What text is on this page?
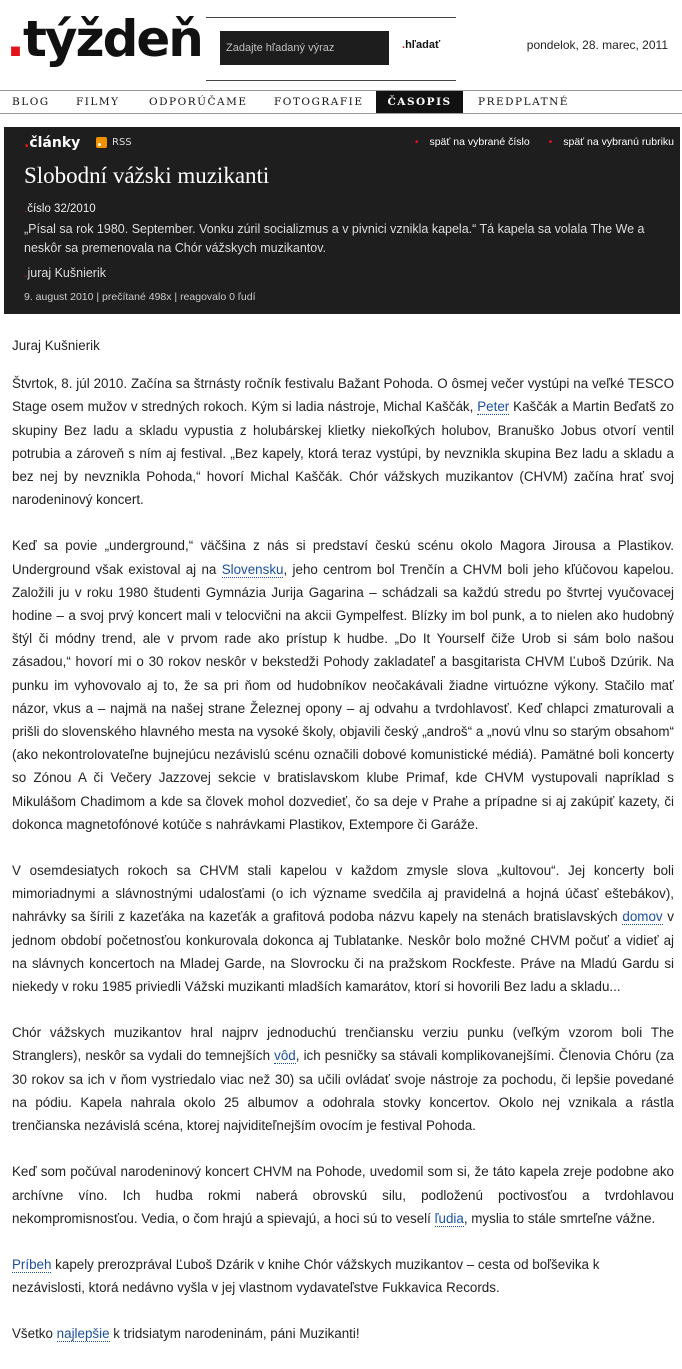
.týždeň
Zadajte hľadaný výraz	.hľadať	pondelok, 28. marec, 2011
BLOG	FILMY	ODPORÚČAME	FOTOGRAFIE	ČASOPIS	PREDPLATNÉ
.články	RSS	• späť na vybrané číslo • späť na vybranú rubriku
Slobodní vážski muzikanti
.číslo 32/2010
„Písal sa rok 1980. September. Vonku zúril socializmus a v pivnici vznikla kapela.“ Tá kapela sa volala The We a neskôr sa premenovala na Chór vážskych muzikantov.
.juraj Kušnierik
9. august 2010 | prečítané 498x | reagovalo 0 ľudí

Juraj Kušnierik

Štvrtok, 8. júl 2010. Začína sa štrnásty ročník festivalu Bažant Pohoda. O ôsmej večer vystúpi na veľké TESCO Stage osem mužov v stredných rokoch. Kým si ladia nástroje, Michal Kaščák, Peter Kaščák a Martin Beďatš zo skupiny Bez ladu a skladu vypustia z holubárskej klietky niekoľkých holubov, Branuško Jobus otvorí ventil potrubia a zároveň s ním aj festival. „Bez kapely, ktorá teraz vystúpi, by nevznikla skupina Bez ladu a skladu a bez nej by nevznikla Pohoda,“ hovorí Michal Kaščák. Chór vážskych muzikantov (CHVM) začína hrať svoj narodeninový koncert.

Keď sa povie „underground,“ väčšina z nás si predstaví českú scénu okolo Magora Jirousa a Plastikov. Underground však existoval aj na Slovensku, jeho centrom bol Trenčín a CHVM boli jeho kľúčovou kapelou. Založili ju v roku 1980 študenti Gymnázia Jurija Gagarina – schádzali sa každú stredu po štvrtej vyučovacej hodine – a svoj prvý koncert mali v telocvični na akcii Gympelfest. Blízky im bol punk, a to nielen ako hudobný štýl či módny trend, ale v prvom rade ako prístup k hudbe. „Do It Yourself čiže Urob si sám bolo našou zásadou,“ hovorí mi o 30 rokov neskôr v bekstedži Pohody zakladateľ a basgitarista CHVM Ľuboš Dzúrik. Na punku im vyhovovalo aj to, že sa pri ňom od hudobníkov neočakávali žiadne virtuózne výkony. Stačilo mať názor, vkus a – najmä na našej strane Železnej opony – aj odvahu a tvrdohlavosť. Keď chlapci zmaturovali a prišli do slovenského hlavného mesta na vysoké školy, objavili český „androš“ a „novú vlnu so starým obsahom“ (ako nekontrolovateľne bujnejúcu nezávislú scénu označili dobové komunistické médiá). Pamätné boli koncerty so Zónou A či Večery Jazzovej sekcie v bratislavskom klube Primaf, kde CHVM vystupovali napríklad s Mikulášom Chadimom a kde sa človek mohol dozvedieť, čo sa deje v Prahe a prípadne si aj zakúpiť kazety, či dokonca magnetofónové kotúče s nahrávkami Plastikov, Extempore či Garáže.

V osemdesiatych rokoch sa CHVM stali kapelou v každom zmysle slova „kultovou“. Jej koncerty boli mimoriadnymi a slávnostnými udalosťami (o ich význame svedčila aj pravidelná a hojná účasť eštebákov), nahrávky sa šírili z kazeťáka na kazeťák a grafitová podoba názvu kapely na stenách bratislavských domov v jednom období početnosťou konkurovala dokonca aj Tublatanke. Neskôr bolo možné CHVM počuť a vidieť aj na slávnych koncertoch na Mladej Garde, na Slovrocku či na pražskom Rockfeste. Práve na Mladú Gardu si niekedy v roku 1985 priviedli Vážski muzikanti mladších kamarátov, ktorí si hovorili Bez ladu a skladu...

Chór vážskych muzikantov hral najprv jednoduchú trenčiansku verziu punku (veľkým vzorom boli The Stranglers), neskôr sa vydali do temnejších vôd, ich pesničky sa stávali komplikovanejšími. Členovia Chóru (za 30 rokov sa ich v ňom vystriedalo viac než 30) sa učili ovládať svoje nástroje za pochodu, či lepšie povedané na pódiu. Kapela nahrala okolo 25 albumov a odohrala stovky koncertov. Okolo nej vznikala a rástla trenčianska nezávislá scéna, ktorej najviditeľnejším ovocím je festival Pohoda.

Keď som počúval narodeninový koncert CHVM na Pohode, uvedomil som si, že táto kapela zreje podobne ako archívne víno. Ich hudba rokmi naberá obrovskú silu, podloženú poctivosťou a tvrdohlavou nekompromisnosťou. Vedia, o čom hrajú a spievajú, a hoci sú to veselí ľudia, myslia to stále smrteľne vážne.

Príbeh kapely prerozprával Ľuboš Dzárik v knihe Chór vážskych muzikantov – cesta od boľševika k nezávislosti, ktorá nedávno vyšla v jej vlastnom vydavateľstve Fukkavica Records.

Všetko najlepšie k tridsiatym narodeninám, páni Muzikanti!
